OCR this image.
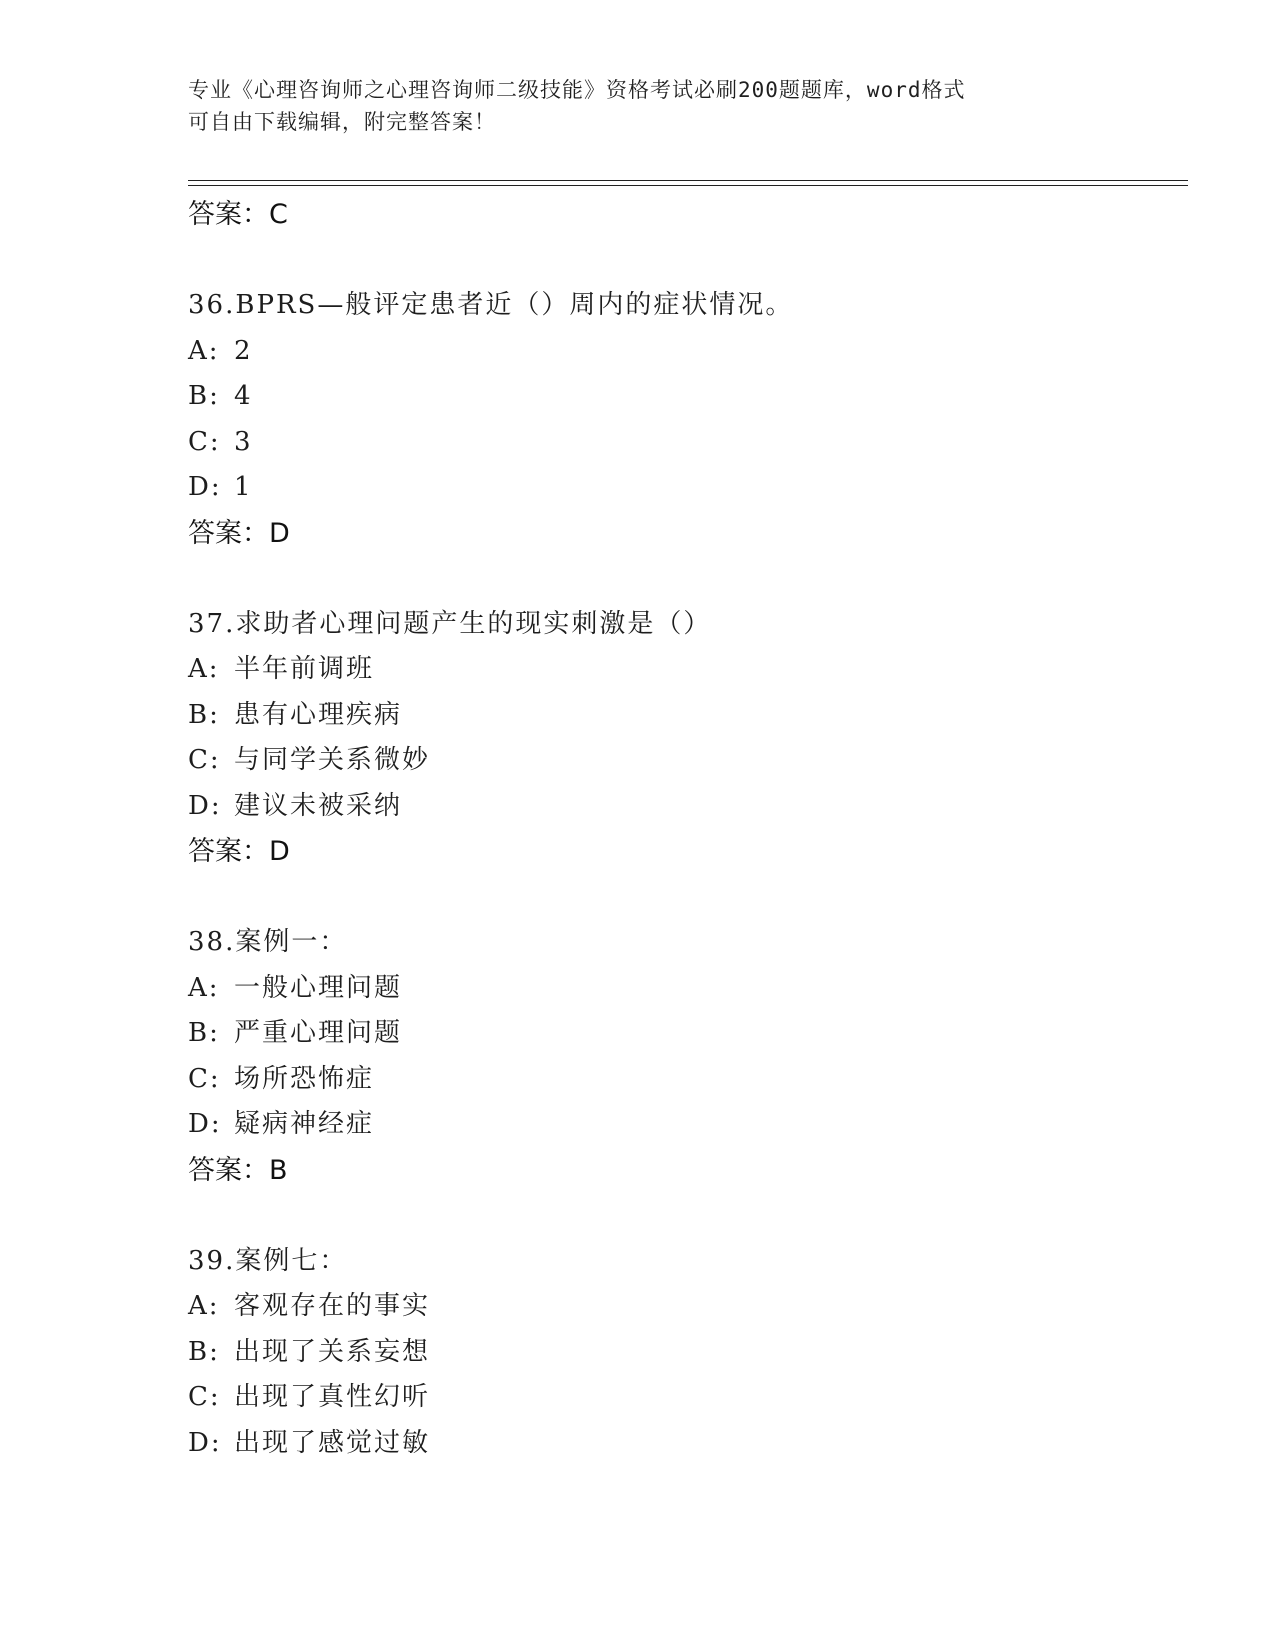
专业《心理咨询师之心理咨询师二级技能》资格考试必刷200题题库，word格式
可自由下载编辑，附完整答案！
答案：C
36.BPRS—般评定患者近（）周内的症状情况。
A: 2
B: 4
C: 3
D: 1
答案：D
37.求助者心理问题产生的现实刺激是（）
A: 半年前调班
B: 患有心理疾病
C: 与同学关系微妙
D: 建议未被采纳
答案：D
38.案例一：
A: 一般心理问题
B: 严重心理问题
C: 场所恐怖症
D: 疑病神经症
答案：B
39.案例七：
A: 客观存在的事实
B: 出现了关系妄想
C: 出现了真性幻听
D: 出现了感觉过敏
